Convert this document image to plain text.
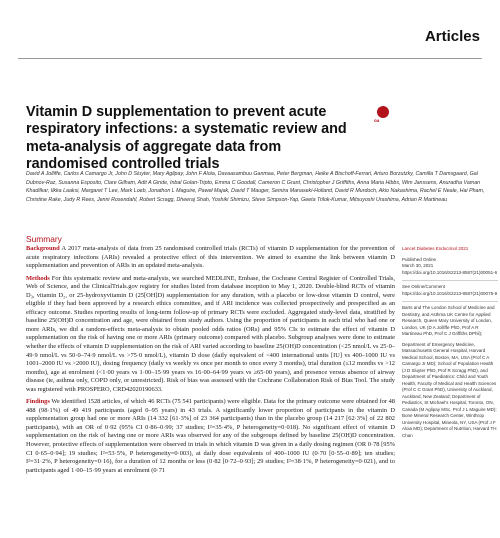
Articles
Vitamin D supplementation to prevent acute respiratory infections: a systematic review and meta-analysis of aggregate data from randomised controlled trials
oa
David A Jolliffe, Carlos A Camargo Jr, John D Sluyter, Mary Aglipay, John F Aloia, Davaasambuu Ganmaa, Peter Bergman, Heike A Bischoff-Ferrari, Arturo Borzutzky, Camilla T Damsgaard, Gal Dubnov-Raz, Susanna Esposito, Clare Gilham, Adit A Ginde, Inbal Golan-Tripto, Emma C Goodall, Cameron C Grant, Christopher J Griffiths, Anna Maria Hibbs, Wim Janssens, Anuradha Vaman Khadilkar, Ilkka Laaksi, Margaret T Lee, Mark Loeb, Jonathon L Maguire, Paweł Majak, David T Mauger, Semira Manaseki-Holland, David R Murdoch, Akio Nakashima, Rachel E Neale, Hai Pham, Christine Rake, Judy R Rees, Jenni Rosendahl, Robert Scragg, Dheeraj Shah, Yoshiki Shimizu, Steve Simpson-Yap, Geeta Trilok-Kumar, Mitsuyoshi Urashima, Adrian R Martineau
Summary

Background A 2017 meta-analysis of data from 25 randomised controlled trials (RCTs) of vitamin D supplementation for the prevention of acute respiratory infections (ARIs) revealed a protective effect of this intervention. We aimed to examine the link between vitamin D supplementation and prevention of ARIs in an updated meta-analysis.

Methods For this systematic review and meta-analysis, we searched MEDLINE, Embase, the Cochrane Central Register of Controlled Trials, Web of Science, and the ClinicalTrials.gov registry for studies listed from database inception to May 1, 2020. Double-blind RCTs of vitamin D₃, vitamin D₂, or 25-hydroxyvitamin D (25[OH]D) supplementation for any duration, with a placebo or low-dose vitamin D control, were eligible if they had been approved by a research ethics committee, and if ARI incidence was collected prospectively and prespecified as an efficacy outcome. Studies reporting results of long-term follow-up of primary RCTs were excluded. Aggregated study-level data, stratified by baseline 25(OH)D concentration and age, were obtained from study authors. Using the proportion of participants in each trial who had one or more ARIs, we did a random-effects meta-analysis to obtain pooled odds ratios (ORs) and 95% CIs to estimate the effect of vitamin D supplementation on the risk of having one or more ARIs (primary outcome) compared with placebo. Subgroup analyses were done to estimate whether the effects of vitamin D supplementation on the risk of ARI varied according to baseline 25(OH)D concentration (<25 nmol/L vs 25·0–49·9 nmol/L vs 50·0–74·9 nmol/L vs >75·0 nmol/L), vitamin D dose (daily equivalent of <400 international units [IU] vs 400–1000 IU vs 1001–2000 IU vs >2000 IU), dosing frequency (daily vs weekly vs once per month to once every 3 months), trial duration (≤12 months vs >12 months), age at enrolment (<1·00 years vs 1·00–15·99 years vs 16·00–64·99 years vs ≥65·00 years), and presence versus absence of airway disease (ie, asthma only, COPD only, or unrestricted). Risk of bias was assessed with the Cochrane Collaboration Risk of Bias Tool. The study was registered with PROSPERO, CRD42020190633.

Findings We identified 1528 articles, of which 46 RCTs (75 541 participants) were eligible. Data for the primary outcome were obtained for 48 488 (98·1%) of 49 419 participants (aged 0–95 years) in 43 trials. A significantly lower proportion of participants in the vitamin D supplementation group had one or more ARIs (14 332 [61·3%] of 23 364 participants) than in the placebo group (14 217 [62·3%] of 22 802 participants), with an OR of 0·92 (95% CI 0·86–0·99; 37 studies; I²=35·4%, P heterogeneity=0·018). No significant effect of vitamin D supplementation on the risk of having one or more ARIs was observed for any of the subgroups defined by baseline 25(OH)D concentration. However, protective effects of supplementation were observed in trials in which vitamin D was given in a daily dosing regimen (OR 0·78 [95% CI 0·65–0·94]; 19 studies; I²=53·5%, P heterogeneity=0·003), at daily dose equivalents of 400–1000 IU (0·70 [0·55–0·89]; ten studies; I²=31·2%, P heterogeneity=0·16), for a duration of 12 months or less (0·82 [0·72–0·93]; 29 studies; I²=38·1%, P heterogeneity=0·021), and to participants aged 1·00–15·99 years at enrolment (0·71

Lancet Diabetes Endocrinol 2021
Published Online
March 30, 2021
https://doi.org/10.1016/S2213-8587(21)00051-6
See Online/Comment
https://doi.org/10.1016/S2213-8587(21)00075-9
Barts and The London School of Medicine and Dentistry, and Asthma UK Centre for Applied Research, Queen Mary University of London, London, UK (D A Jolliffe PhD, Prof A R Martineau PhD, Prof C J Griffiths DPhil);
Department of Emergency Medicine, Massachusetts General Hospital, Harvard Medical School, Boston, MA, USA (Prof C A Camargo Jr MD); School of Population Health (J D Sluyter PhD, Prof R Scragg PhD), and Department of Paediatrics: Child and Youth Health, Faculty of Medical and Health Sciences (Prof C C Grant PhD), University of Auckland, Auckland, New Zealand; Department of Pediatrics, St Michael's Hospital, Toronto, ON, Canada (M Aglipay MSc, Prof J L Maguire MD); Bone Mineral Research Center, Winthrop University Hospital, Mineola, NY, USA (Prof J F Aloia MD); Department of Nutrition, Harvard TH Chan
